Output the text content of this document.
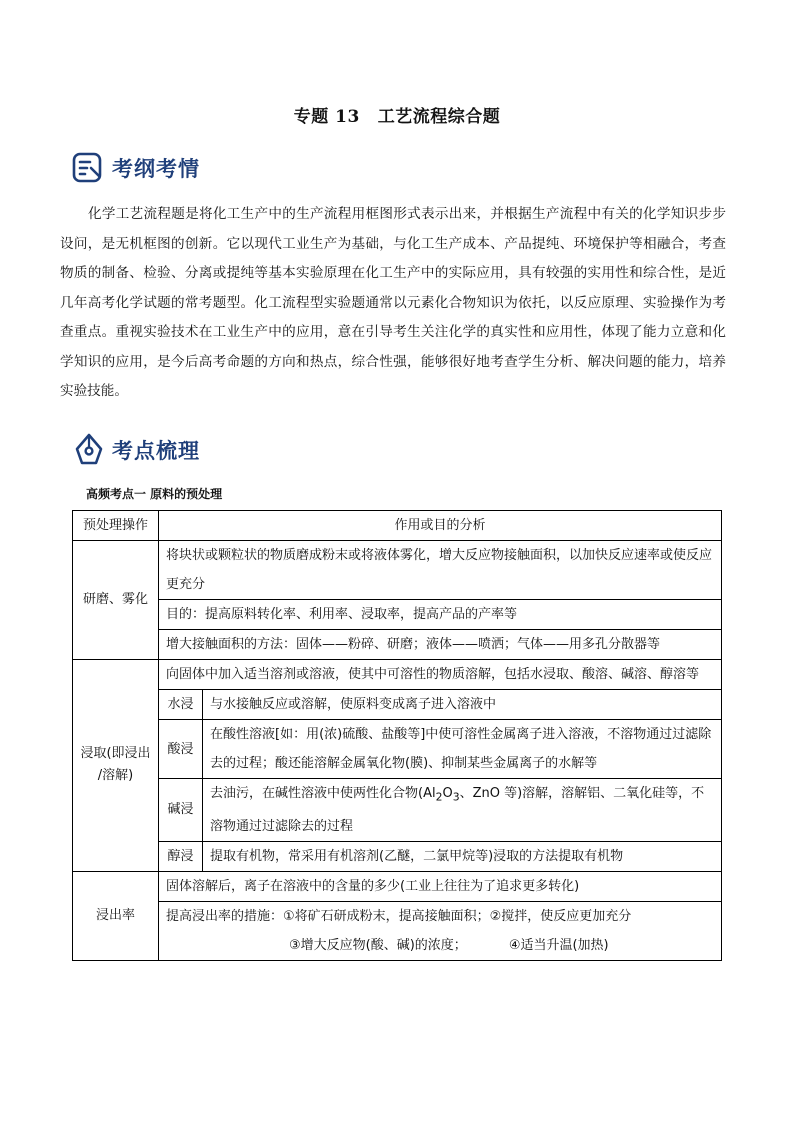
专题 13 工艺流程综合题
考纲考情

化学工艺流程题是将化工生产中的生产流程用框图形式表示出来，并根据生产流程中有关的化学知识步步设问，是无机框图的创新。它以现代工业生产为基础，与化工生产成本、产品提纯、环境保护等相融合，考查物质的制备、检验、分离或提纯等基本实验原理在化工生产中的实际应用，具有较强的实用性和综合性，是近几年高考化学试题的常考题型。化工流程型实验题通常以元素化合物知识为依托，以反应原理、实验操作为考查重点。重视实验技术在工业生产中的应用，意在引导考生关注化学的真实性和应用性，体现了能力立意和化学知识的应用，是今后高考命题的方向和热点，综合性强，能够很好地考查学生分析、解决问题的能力，培养实验技能。

考点梳理
高频考点一 原料的预处理
预处理操作	作用或目的分析	
研磨、雾化	将块状或颗粒状的物质磨成粉末或将液体雾化，增大反应物接触面积，以加快反应速率或使反应更充分	
	目的：提高原料转化率、利用率、浸取率，提高产品的产率等	
	增大接触面积的方法：固体——粉碎、研磨；液体——喷洒；气体——用多孔分散器等	
浸取(即浸出
/溶解)	向固体中加入适当溶剂或溶液，使其中可溶性的物质溶解，包括水浸取、酸溶、碱溶、醇溶等	
	水浸	与水接触反应或溶解，使原料变成离子进入溶液中
	酸浸	在酸性溶液[如：用(浓)硫酸、盐酸等]中使可溶性金属离子进入溶液，不溶物通过过滤除去的过程；酸还能溶解金属氧化物(膜)、抑制某些金属离子的水解等
	碱浸	去油污，在碱性溶液中使两性化合物($Al_2O_3$、ZnO 等)溶解，溶解铝、二氧化硅等，不溶物通过过滤除去的过程
	醇浸	提取有机物，常采用有机溶剂(乙醚，二氯甲烷等)浸取的方法提取有机物
浸出率	固体溶解后，离子在溶液中的含量的多少(工业上往往为了追求更多转化)	

	提高浸出率的措施：①将矿石研成粉末，提高接触面积；②搅拌，使反应更加充分
③增大反应物(酸、碱)的浓度； ④适当升温(加热)	
